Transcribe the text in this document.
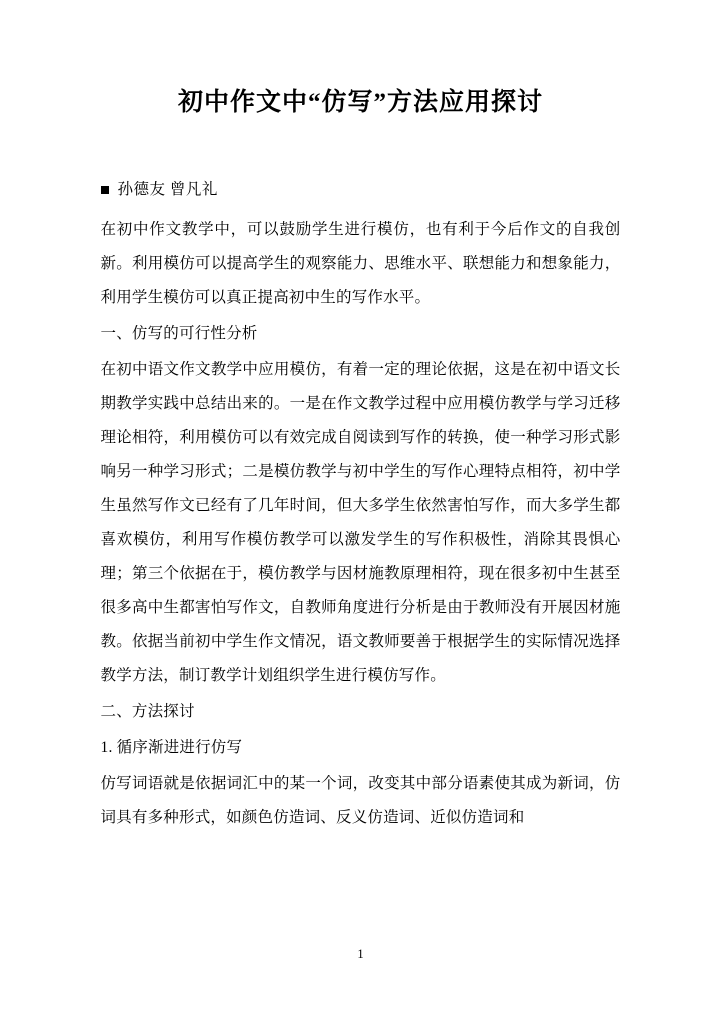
初中作文中“仿写”方法应用探讨
孙德友 曾凡礼

在初中作文教学中，可以鼓励学生进行模仿，也有利于今后作文的自我创新。利用模仿可以提高学生的观察能力、思维水平、联想能力和想象能力，利用学生模仿可以真正提高初中生的写作水平。

一、仿写的可行性分析

在初中语文作文教学中应用模仿，有着一定的理论依据，这是在初中语文长期教学实践中总结出来的。一是在作文教学过程中应用模仿教学与学习迁移理论相符，利用模仿可以有效完成自阅读到写作的转换，使一种学习形式影响另一种学习形式；二是模仿教学与初中学生的写作心理特点相符，初中学生虽然写作文已经有了几年时间，但大多学生依然害怕写作，而大多学生都喜欢模仿，利用写作模仿教学可以激发学生的写作积极性，消除其畏惧心理；第三个依据在于，模仿教学与因材施教原理相符，现在很多初中生甚至很多高中生都害怕写作文，自教师角度进行分析是由于教师没有开展因材施教。依据当前初中学生作文情况，语文教师要善于根据学生的实际情况选择教学方法，制订教学计划组织学生进行模仿写作。

二、方法探讨

1. 循序渐进进行仿写

仿写词语就是依据词汇中的某一个词，改变其中部分语素使其成为新词，仿词具有多种形式，如颜色仿造词、反义仿造词、近似仿造词和

1
